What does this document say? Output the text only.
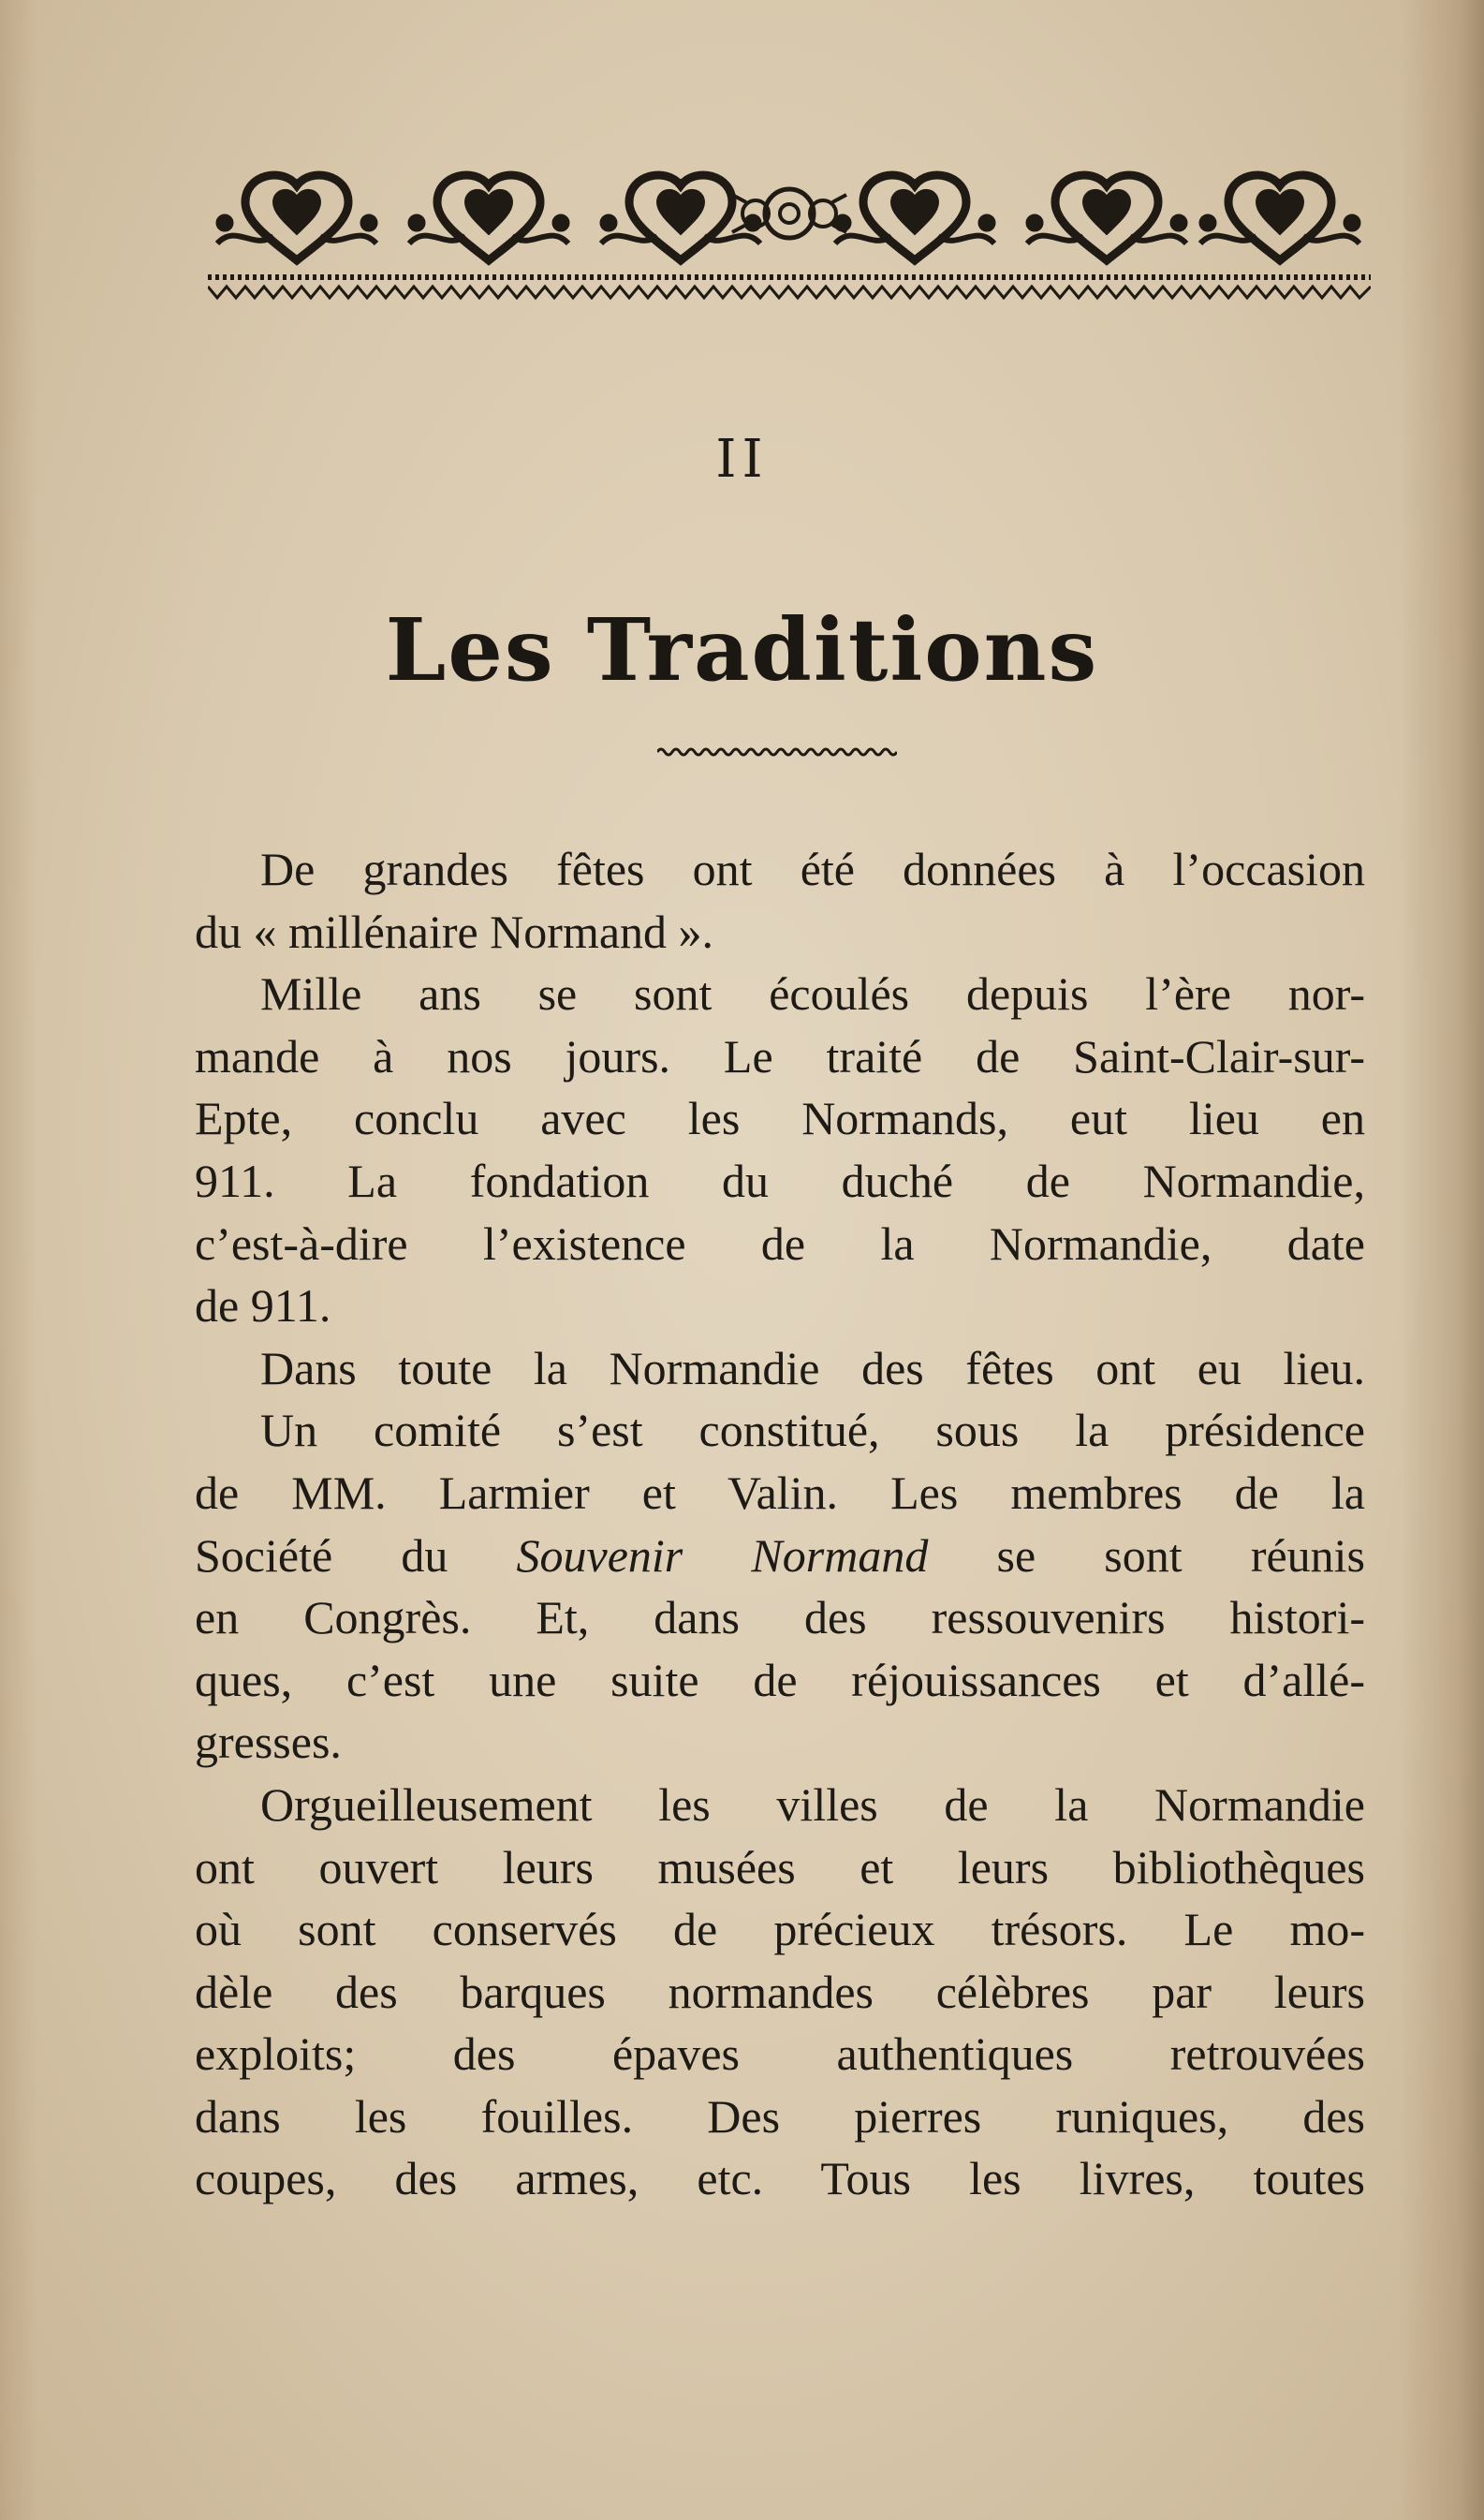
II
Les Traditions
De grandes fêtes ont été données à l’occasion
du « millénaire Normand ».
Mille ans se sont écoulés depuis l’ère nor-
mande à nos jours. Le traité de Saint-Clair-sur-
Epte, conclu avec les Normands, eut lieu en
911. La fondation du duché de Normandie,
c’est-à-dire l’existence de la Normandie, date
de 911.
Dans toute la Normandie des fêtes ont eu lieu.
Un comité s’est constitué, sous la présidence
de MM. Larmier et Valin. Les membres de la
Société du Souvenir Normand se sont réunis
en Congrès. Et, dans des ressouvenirs histori-
ques, c’est une suite de réjouissances et d’allé-
gresses.
Orgueilleusement les villes de la Normandie
ont ouvert leurs musées et leurs bibliothèques
où sont conservés de précieux trésors. Le mo-
dèle des barques normandes célèbres par leurs
exploits; des épaves authentiques retrouvées
dans les fouilles. Des pierres runiques, des
coupes, des armes, etc. Tous les livres, toutes
